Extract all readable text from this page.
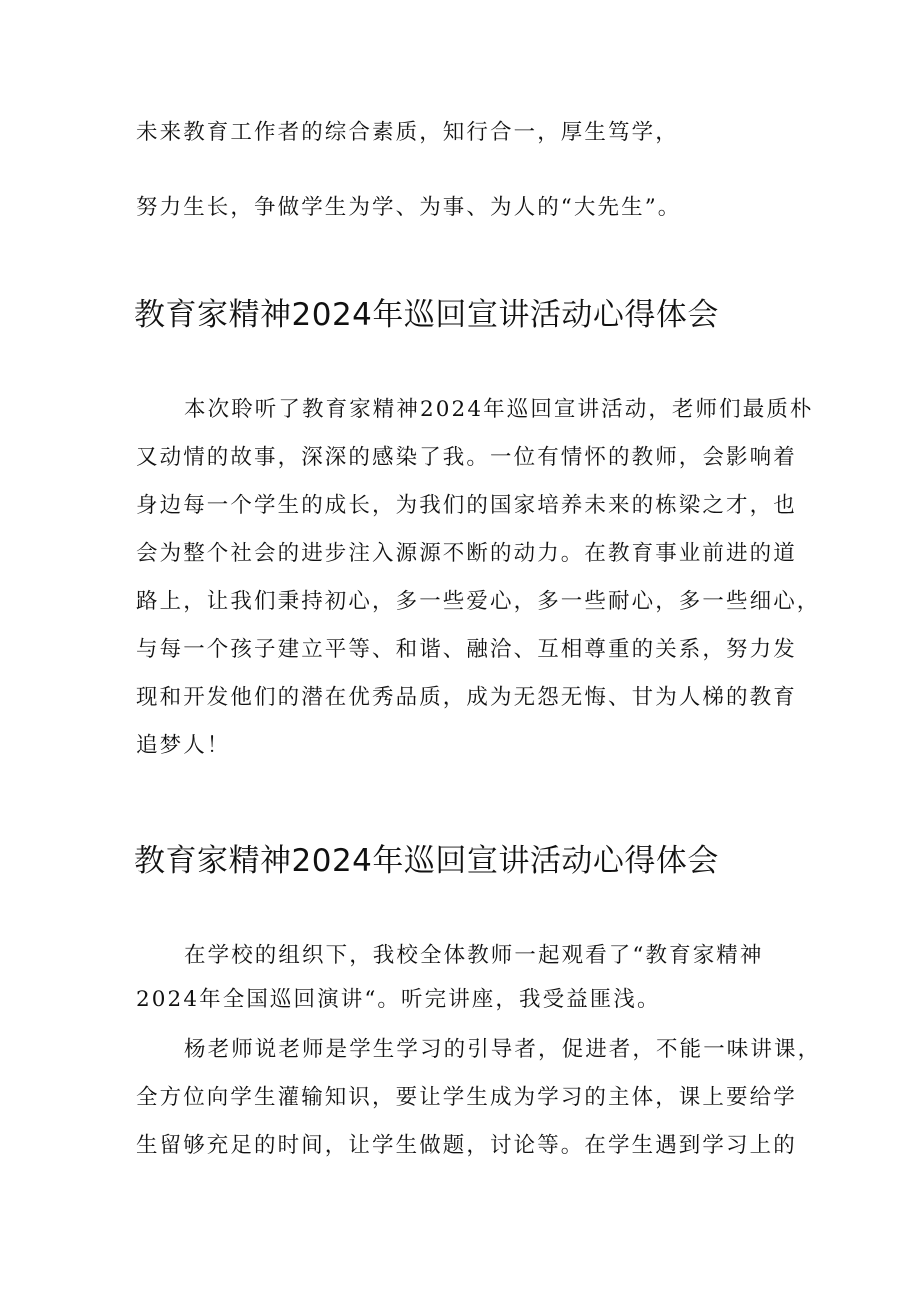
未来教育工作者的综合素质，知行合一，厚生笃学，
努力生长，争做学生为学、为事、为人的“大先生”。
教育家精神2024年巡回宣讲活动心得体会
本次聆听了教育家精神2024年巡回宣讲活动，老师们最质朴
又动情的故事，深深的感染了我。一位有情怀的教师，会影响着
身边每一个学生的成长，为我们的国家培养未来的栋梁之才，也
会为整个社会的进步注入源源不断的动力。在教育事业前进的道
路上，让我们秉持初心，多一些爱心，多一些耐心，多一些细心，
与每一个孩子建立平等、和谐、融洽、互相尊重的关系，努力发
现和开发他们的潜在优秀品质，成为无怨无悔、甘为人梯的教育
追梦人！
教育家精神2024年巡回宣讲活动心得体会
在学校的组织下，我校全体教师一起观看了“教育家精神
2024年全国巡回演讲“。听完讲座，我受益匪浅。
杨老师说老师是学生学习的引导者，促进者，不能一味讲课，
全方位向学生灌输知识，要让学生成为学习的主体，课上要给学
生留够充足的时间，让学生做题，讨论等。在学生遇到学习上的
